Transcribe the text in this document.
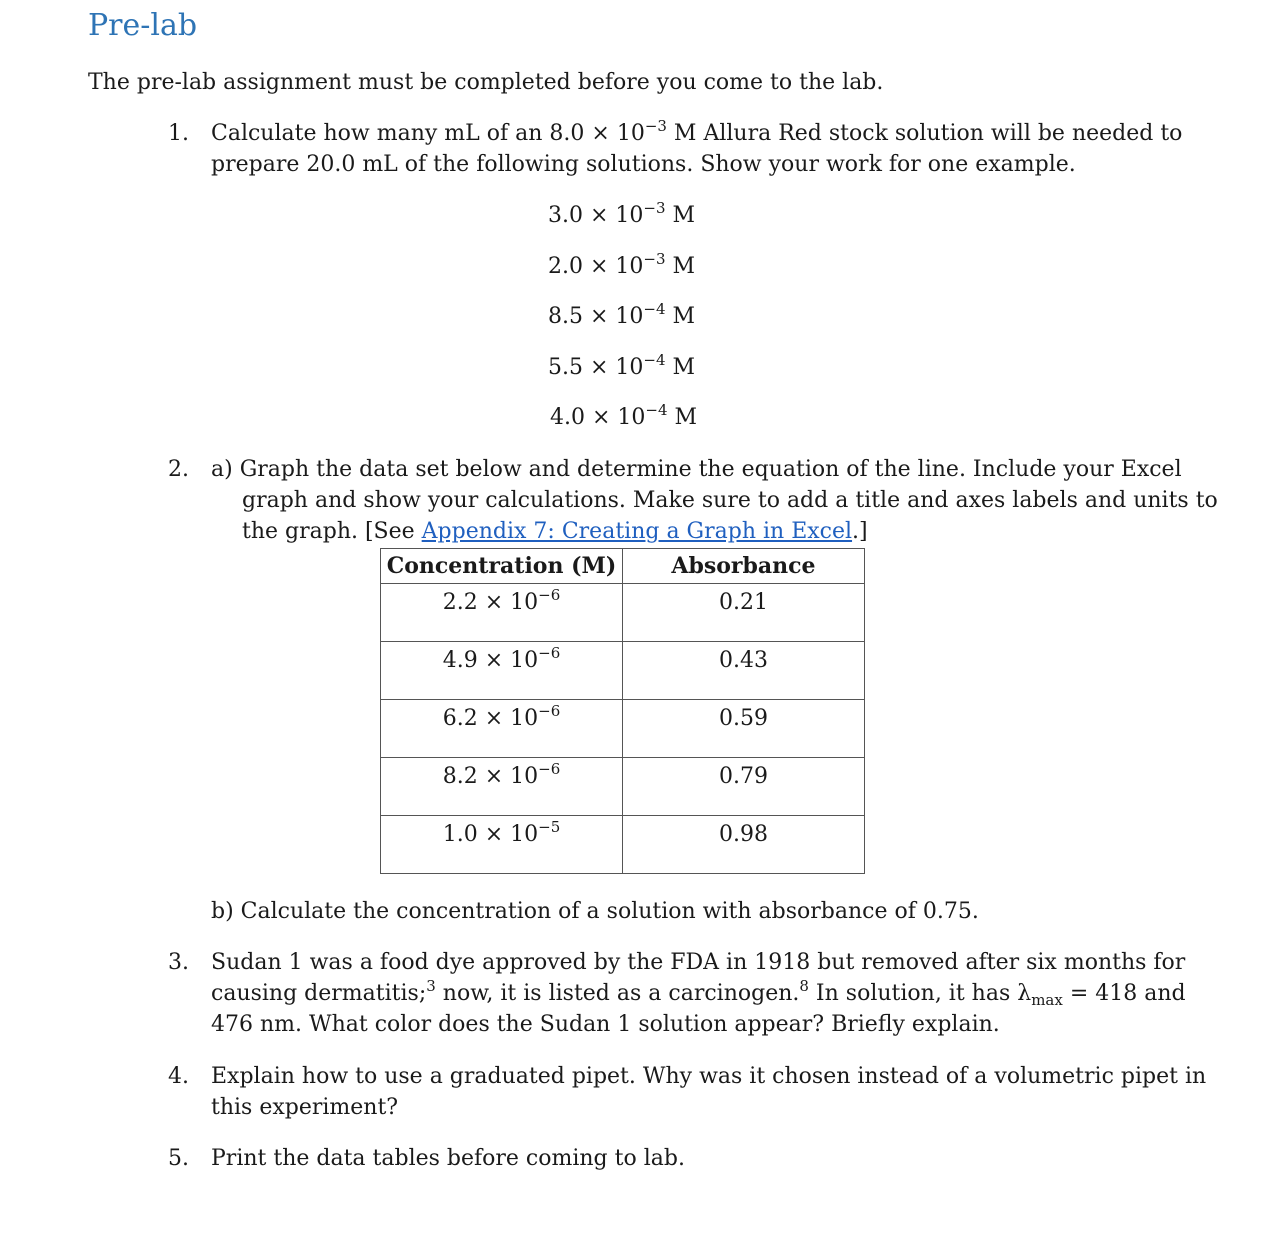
Pre-lab
The pre-lab assignment must be completed before you come to the lab.
1. Calculate how many mL of an $8.0 \times 10^{-3}$ M Allura Red stock solution will be needed to
prepare 20.0 mL of the following solutions. Show your work for one example.
$3.0 \times 10^{-3}$ M
$2.0 \times 10^{-3}$ M
$8.5 \times 10^{-4}$ M
$5.5 \times 10^{-4}$ M
$4.0 \times 10^{-4}$ M
2. a) Graph the data set below and determine the equation of the line. Include your Excel
graph and show your calculations. Make sure to add a title and axes labels and units to
the graph. [See Appendix 7: Creating a Graph in Excel.]
Concentration (M)	Absorbance
$2.2 \times 10^{-6}$	0.21
$4.9 \times 10^{-6}$	0.43
$6.2 \times 10^{-6}$	0.59
$8.2 \times 10^{-6}$	0.79
$1.0 \times 10^{-5}$	0.98
b) Calculate the concentration of a solution with absorbance of 0.75.
3. Sudan 1 was a food dye approved by the FDA in 1918 but removed after six months for
causing dermatitis;$^3$ now, it is listed as a carcinogen.$^8$ In solution, it has $\lambda_{max} = 418$ and
476 nm. What color does the Sudan 1 solution appear? Briefly explain.
4. Explain how to use a graduated pipet. Why was it chosen instead of a volumetric pipet in
this experiment?
5. Print the data tables before coming to lab.
